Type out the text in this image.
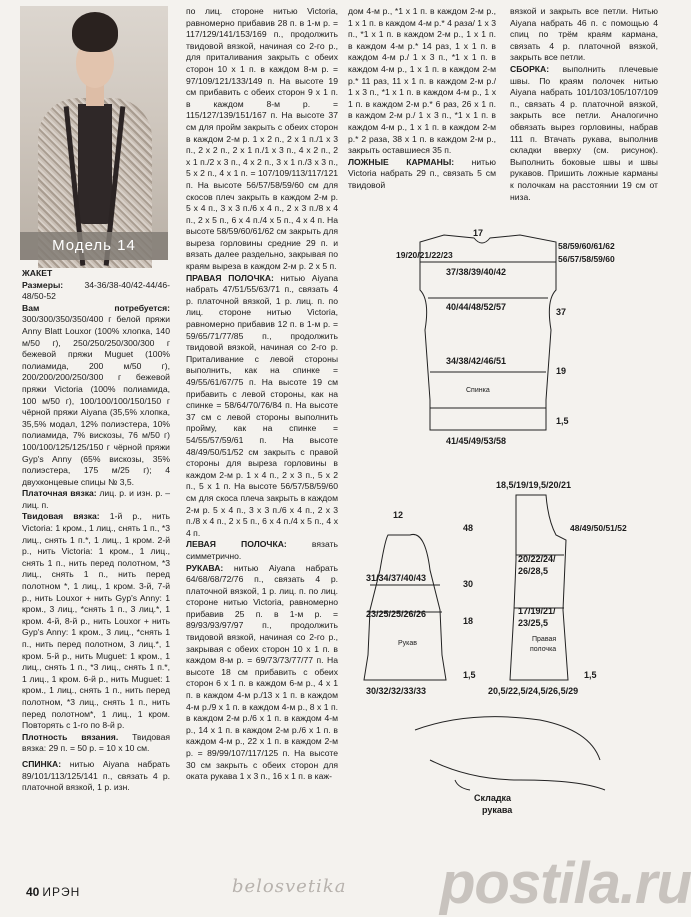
Модель 14

ЖАКЕТ

Размеры: 34-36/38-40/42-44/46-48/50-52

Вам потребуется: 300/300/350/350/400 г белой пряжи Anny Blatt Louxor (100% хлопка, 140 м/50 г), 250/250/250/300/300 г бежевой пряжи Muguet (100% полиамида, 200 м/50 г), 200/200/200/250/300 г бежевой пряжи Victoria (100% полиамида, 100 м/50 г), 100/100/100/150/150 г чёрной пряжи Aiyana (35,5% хлопка, 35,5% модал, 12% полиэстера, 10% полиамида, 7% вискозы, 76 м/50 г) 100/100/125/125/150 г чёрной пряжи Gyp's Anny (65% вискозы, 35% полиэстера, 175 м/25 г); 4 двухконцевые спицы № 3,5.

Платочная вязка: лиц. р. и изн. р. – лиц. п.

Твидовая вязка: 1-й р., нить Victoria: 1 кром., 1 лиц., снять 1 п., *3 лиц., снять 1 п.*, 1 лиц., 1 кром. 2-й р., нить Victoria: 1 кром., 1 лиц., снять 1 п., нить перед полотном, *3 лиц., снять 1 п., нить перед полотном *, 1 лиц., 1 кром. 3-й, 7-й р., нить Louxor + нить Gyp's Anny: 1 кром., 3 лиц., *снять 1 п., 3 лиц.*, 1 кром. 4-й, 8-й р., нить Louxor + нить Gyp's Anny: 1 кром., 3 лиц., *снять 1 п., нить перед полотном, 3 лиц.*, 1 кром. 5-й р., нить Muguet: 1 кром., 1 лиц., снять 1 п., *3 лиц., снять 1 п.*, 1 лиц., 1 кром. 6-й р., нить Muguet: 1 кром., 1 лиц., снять 1 п., нить перед полотном, *3 лиц., снять 1 п., нить перед полотном*, 1 лиц., 1 кром. Повторять с 1-го по 8-й р.

Плотность вязания. Твидовая вязка: 29 п. = 50 р. = 10 х 10 см.

СПИНКА: нитью Aiyana набрать 89/101/113/125/141 п., связать 4 р. платочной вязкой, 1 р. изн.

по лиц. стороне нитью Victoria, равномерно прибавив 28 п. в 1-м р. = 117/129/141/153/169 п., продолжить твидовой вязкой, начиная со 2-го р., для приталивания закрыть с обеих сторон 10 х 1 п. в каждом 8-м р. = 97/109/121/133/149 п. На высоте 19 см прибавить с обеих сторон 9 х 1 п. в каждом 8-м р. = 115/127/139/151/167 п. На высоте 37 см для пройм закрыть с обеих сторон в каждом 2-м р. 1 х 2 п., 2 х 1 п./1 х 3 п., 2 х 2 п., 2 х 1 п./1 х 3 п., 4 х 2 п., 2 х 1 п./2 х 3 п., 4 х 2 п., 3 х 1 п./3 х 3 п., 5 х 2 п., 4 х 1 п. = 107/109/113/117/121 п. На высоте 56/57/58/59/60 см для скосов плеч закрыть в каждом 2-м р. 5 х 4 п., 3 х 3 п./6 х 4 п., 2 х 3 п./8 х 4 п., 2 х 5 п., 6 х 4 п./4 х 5 п., 4 х 4 п. На высоте 58/59/60/61/62 см закрыть для выреза горловины средние 29 п. и вязать далее раздельно, закрывая по краям выреза в каждом 2-м р. 2 х 5 п.

ПРАВАЯ ПОЛОЧКА: нитью Aiyana набрать 47/51/55/63/71 п., связать 4 р. платочной вязкой, 1 р. лиц. п. по лиц. стороне нитью Victoria, равномерно прибавив 12 п. в 1-м р. = 59/65/71/77/85 п., продолжить твидовой вязкой, начиная со 2-го р. Приталивание с левой стороны выполнить, как на спинке = 49/55/61/67/75 п. На высоте 19 см прибавить с левой стороны, как на спинке = 58/64/70/76/84 п. На высоте 37 см с левой стороны выполнить пройму, как на спинке = 54/55/57/59/61 п. На высоте 48/49/50/51/52 см закрыть с правой стороны для выреза горловины в каждом 2-м р. 1 х 4 п., 2 х 3 п., 5 х 2 п., 5 х 1 п. На высоте 56/57/58/59/60 см для скоса плеча закрыть в каждом 2-м р. 5 х 4 п., 3 х 3 п./6 х 4 п., 2 х 3 п./8 х 4 п., 2 х 5 п., 6 х 4 п./4 х 5 п., 4 х 4 п.

ЛЕВАЯ ПОЛОЧКА:	вязать симметрично.

РУКАВА: нитью Aiyana набрать 64/68/68/72/76 п., связать 4 р. платочной вязкой, 1 р. лиц. п. по лиц. стороне нитью Victoria, равномерно прибавив 25 п. в 1-м р. = 89/93/93/97/97 п., продолжить твидовой вязкой, начиная со 2-го р., закрывая с обеих сторон 10 х 1 п. в каждом 8-м р. = 69/73/73/77/77 п. На высоте 18 см прибавить с обеих сторон 6 х 1 п. в каждом 6-м р., 4 х 1 п. в каждом 4-м р./13 х 1 п. в каждом 4-м р./9 х 1 п. в каждом 4-м р., 8 х 1 п. в каждом 2-м р./6 х 1 п. в каждом 4-м р., 14 х 1 п. в каждом 2-м р./6 х 1 п. в каждом 4-м р., 22 х 1 п. в каждом 2-м р. = 89/99/107/117/125 п. На высоте 30 см закрыть с обеих сторон для оката рукава 1 х 3 п., 16 х 1 п. в каж-

дом 4-м р., *1 х 1 п. в каждом 2-м р., 1 х 1 п. в каждом 4-м р.* 4 раза/ 1 х 3 п., *1 х 1 п. в каждом 2-м р., 1 х 1 п. в каждом 4-м р.* 14 раз, 1 х 1 п. в каждом 4-м р./ 1 х 3 п., *1 х 1 п. в каждом 4-м р., 1 х 1 п. в каждом 2-м р.* 11 раз, 11 х 1 п. в каждом 2-м р./ 1 х 3 п., *1 х 1 п. в каждом 4-м р., 1 х 1 п. в каждом 2-м р.* 6 раз, 26 х 1 п. в каждом 2-м р./ 1 х 3 п., *1 х 1 п. в каждом 4-м р., 1 х 1 п. в каждом 2-м р.* 2 раза, 38 х 1 п. в каждом 2-м р., закрыть оставшиеся 35 п.

ЛОЖНЫЕ КАРМАНЫ: нитью Victoria набрать 29 п., связать 5 см твидовой

вязкой и закрыть все петли. Нитью Aiyana набрать 46 п. с помощью 4 спиц по трём краям кармана, связать 4 р. платочной вязкой, закрыть все петли.

СБОРКА: выполнить плечевые швы. По краям полочек нитью Aiyana набрать 101/103/105/107/109 п., связать 4 р. платочной вязкой, закрыть все петли. Аналогично обвязать вырез горловины, набрав 111 п. Втачать рукава, выполнив складки вверху (см. рисунок). Выполнить боковые швы и швы рукавов. Пришить ложные карманы к полочкам на расстоянии 19 см от низа.

17
19/20/21/22/23
58/59/60/61/62
56/57/58/59/60
37/38/39/40/42
40/44/48/52/57
34/38/42/46/51
Спинка
41/45/49/53/58
37
19
1,5
12
31/34/37/40/43
23/25/25/26/26
Рукав
30/32/32/33/33
48
30
18
1,5
18,5/19/19,5/20/21
48/49/50/51/52
20/22/24/
26/28,5
17/19/21/
23/25,5
Правая
полочка
20,5/22,5/24,5/26,5/29
1,5
Складка
рукава
40 ИРЭН	belosvetika postila.ru
